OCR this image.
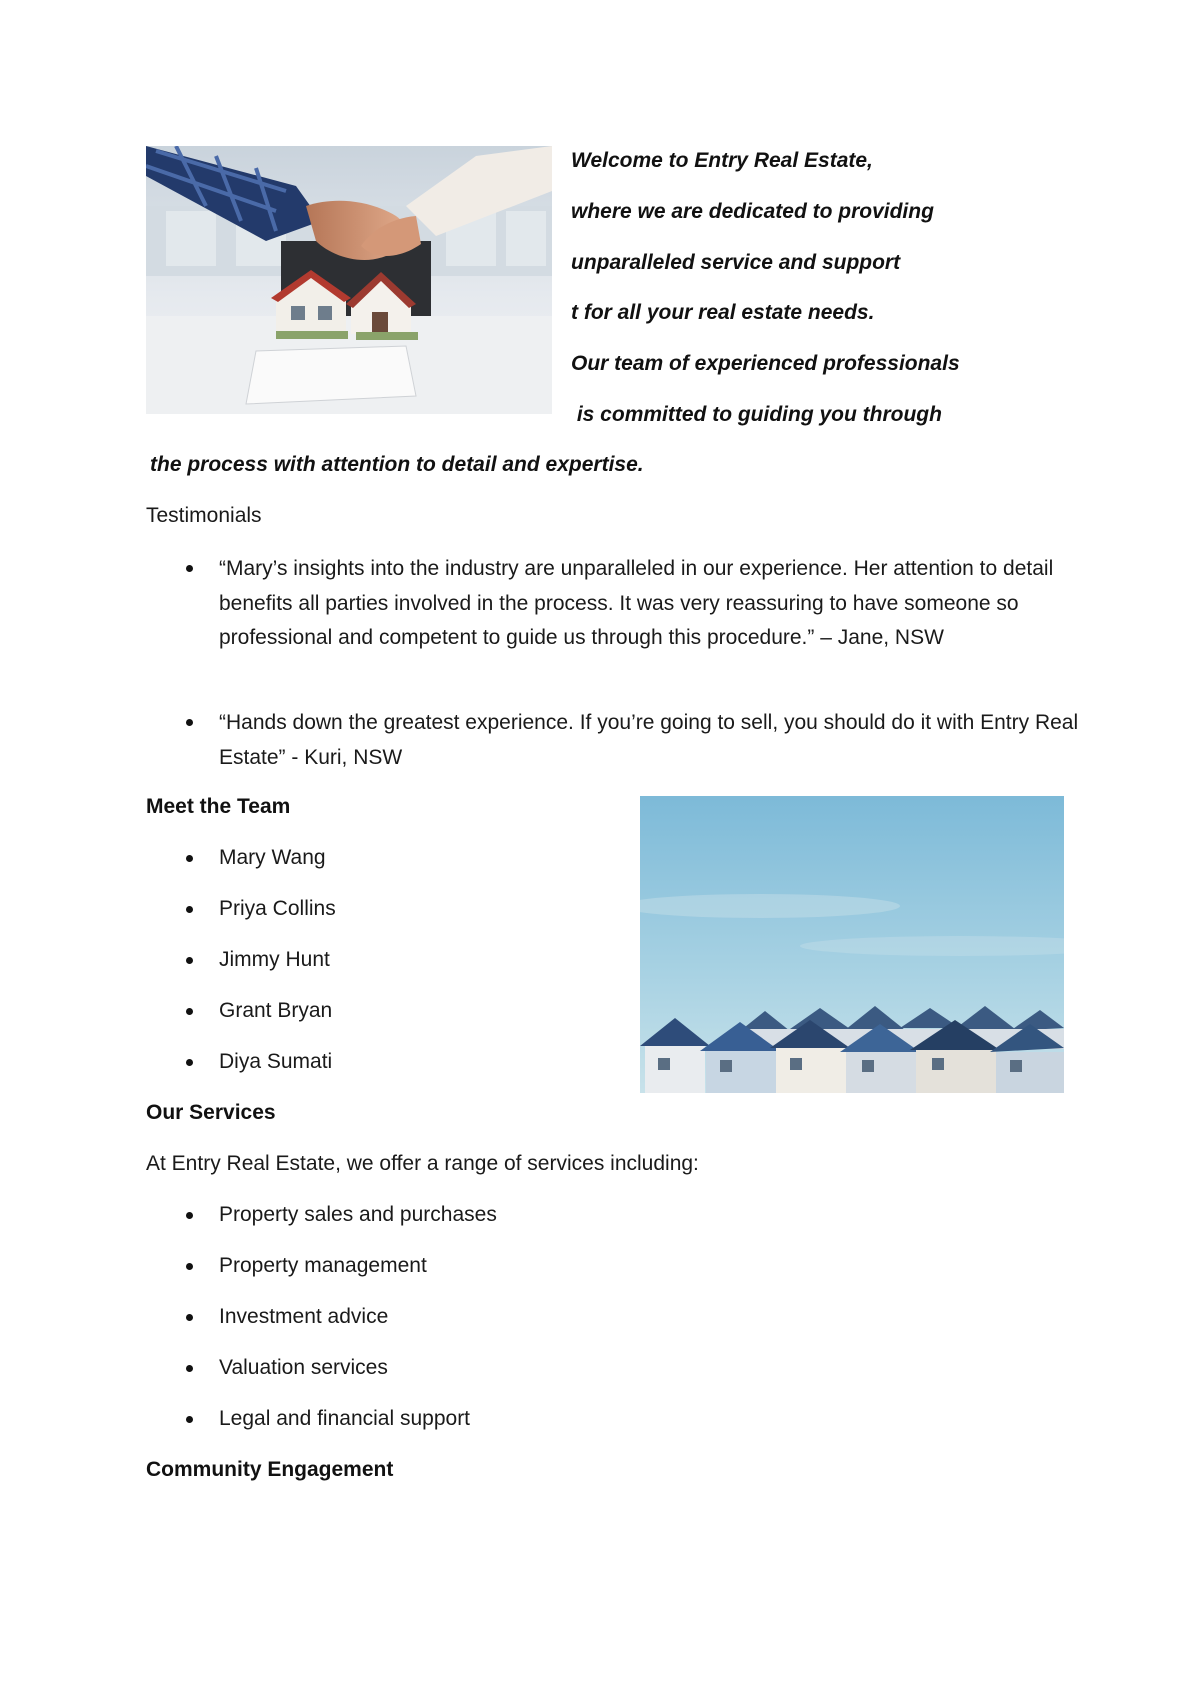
Welcome to Entry Real Estate,
where we are dedicated to providing
unparalleled service and support
t for all your real estate needs.
Our team of experienced professionals
is committed to guiding you through
the process with attention to detail and expertise.
Testimonials
“Mary’s insights into the industry are unparalleled in our experience. Her attention to detail benefits all parties involved in the process. It was very reassuring to have someone so professional and competent to guide us through this procedure.” – Jane, NSW
“Hands down the greatest experience. If you’re going to sell, you should do it with Entry Real Estate” - Kuri, NSW
Meet the Team
Mary Wang
Priya Collins
Jimmy Hunt
Grant Bryan
Diya Sumati
Our Services
At Entry Real Estate, we offer a range of services including:
Property sales and purchases
Property management
Investment advice
Valuation services
Legal and financial support
Community Engagement
